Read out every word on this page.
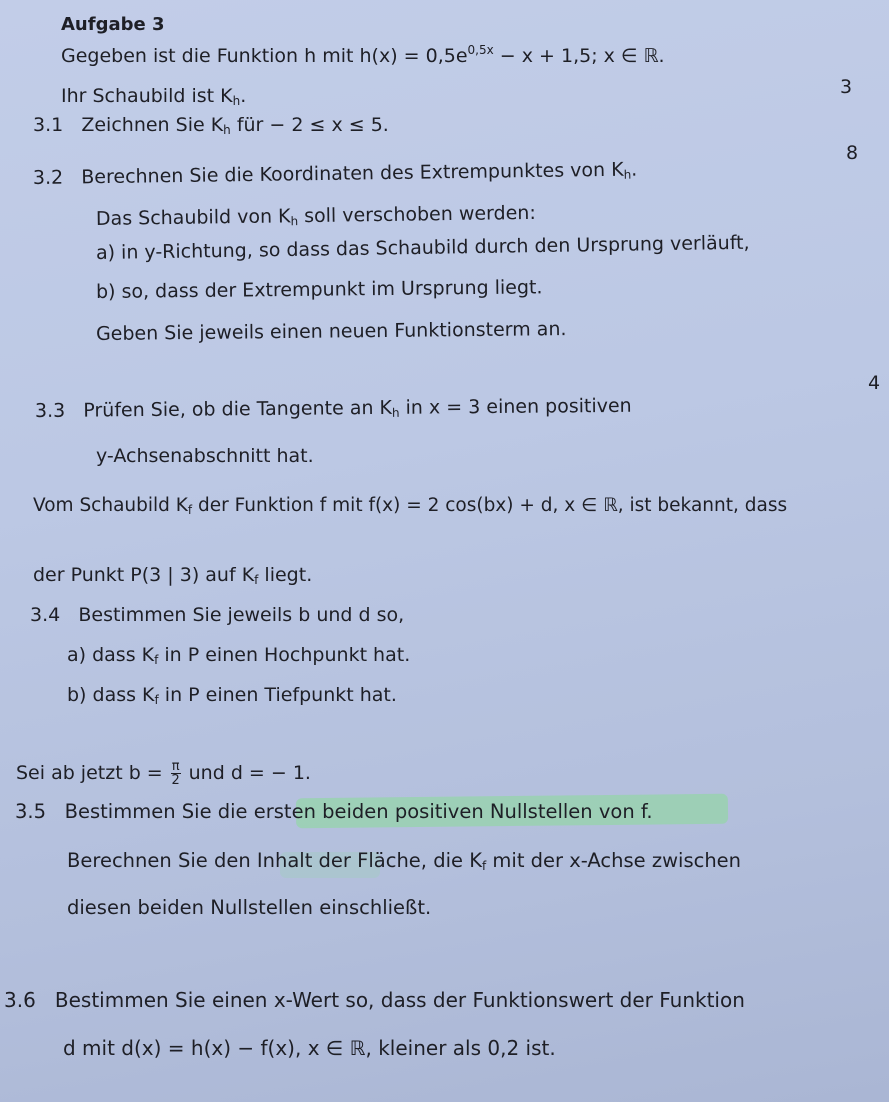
Aufgabe 3
Gegeben ist die Funktion h mit $h(x) = 0,5e^{0,5x} - x + 1,5$; x ∈ ℝ.
Ihr Schaubild ist $K_h$.	3
3.1 Zeichnen Sie $K_h$ für − 2 ≤ x ≤ 5.
8
3.2 Berechnen Sie die Koordinaten des Extrempunktes von $K_h$.
Das Schaubild von $K_h$ soll verschoben werden:
a) in y-Richtung, so dass das Schaubild durch den Ursprung verläuft,
b) so, dass der Extrempunkt im Ursprung liegt.
Geben Sie jeweils einen neuen Funktionsterm an.
4
3.3 Prüfen Sie, ob die Tangente an $K_h$ in x = 3 einen positiven
y-Achsenabschnitt hat.
Vom Schaubild $K_f$ der Funktion f mit f(x) = 2 cos(bx) + d, x ∈ ℝ, ist bekannt, dass
der Punkt P(3 | 3) auf $K_f$ liegt.
3.4 Bestimmen Sie jeweils b und d so,
a) dass $K_f$ in P einen Hochpunkt hat.
b) dass $K_f$ in P einen Tiefpunkt hat.
Sei ab jetzt $b = \frac{\pi}{2}$ und d = − 1.
3.5 Bestimmen Sie die ersten beiden positiven Nullstellen von f.
Berechnen Sie den Inhalt der Fläche, die $K_f$ mit der x-Achse zwischen
diesen beiden Nullstellen einschließt.
3.6 Bestimmen Sie einen x-Wert so, dass der Funktionswert der Funktion
d mit d(x) = h(x) − f(x), x ∈ ℝ, kleiner als 0,2 ist.
